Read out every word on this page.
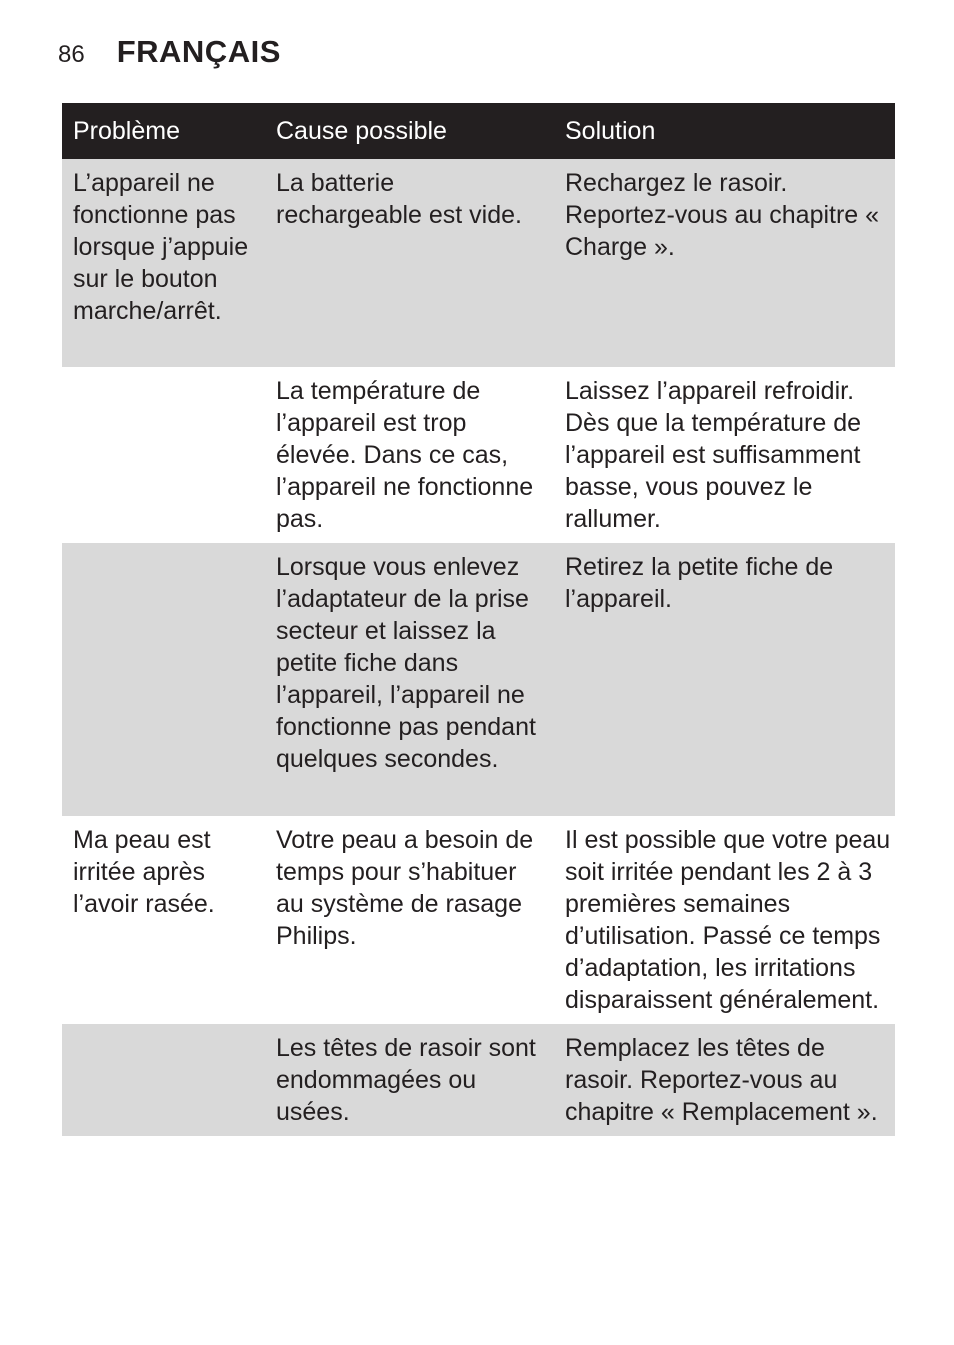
86 FRANÇAIS
Problème	Cause possible	Solution
L’appareil ne fonctionne pas lorsque j’appuie sur le bouton marche/arrêt.
La batterie rechargeable est vide.
Rechargez le rasoir. Reportez-vous au chapitre « Charge ».
La température de l’appareil est trop élevée. Dans ce cas, l’appareil ne fonctionne pas.
Laissez l’appareil refroidir. Dès que la température de l’appareil est suffisamment basse, vous pouvez le rallumer.
Lorsque vous enlevez l’adaptateur de la prise secteur et laissez la petite fiche dans l’appareil, l’appareil ne fonctionne pas pendant quelques secondes.
Retirez la petite fiche de l’appareil.
Ma peau est irritée après l’avoir rasée.
Votre peau a besoin de temps pour s’habituer au système de rasage Philips.
Il est possible que votre peau soit irritée pendant les 2 à 3 premières semaines d’utilisation. Passé ce temps d’adaptation, les irritations disparaissent généralement.
Les têtes de rasoir sont endommagées ou usées.
Remplacez les têtes de rasoir. Reportez-vous au chapitre « Remplacement ».
